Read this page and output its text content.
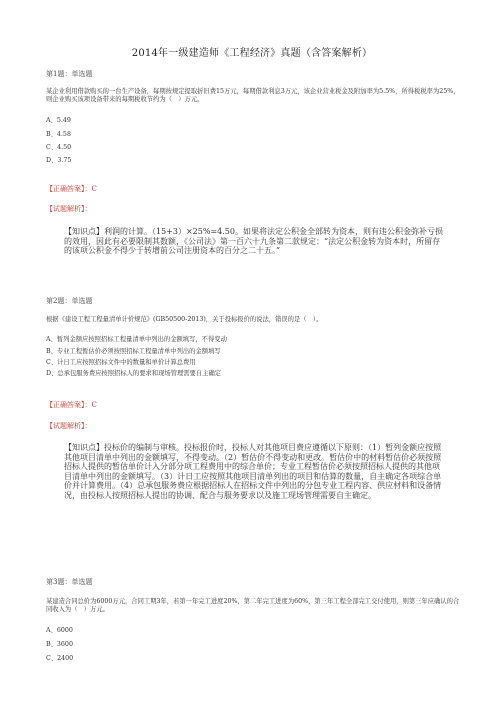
2014年一级建造师《工程经济》真题（含答案解析）
第1题：单选题
某企业利用借款购买的一台生产设备，每期按规定提取折旧费15万元，每期借款利息3万元，该企业营业税金及附加率为5.5%，所得税税率为25%，则企业购买该项设备带来的每期税收节约为（　）万元。
A、5.49
B、4.58
C、4.50
D、3.75
【正确答案】：C
【试题解析】：
【知识点】利润的计算。（15+3）×25%=4.50。如果将法定公积金全部转为资本，则有违公积金弥补亏损的效用，因此有必要限制其数额，《公司法》第一百六十九条第二款规定：“法定公积金转为资本时，所留存的该项公积金不得少于转增前公司注册资本的百分之二十五。”
第2题：单选题
根据《建设工程工程量清单计价规范》(GB50500-2013)，关于投标报价的说法，错误的是（　）。
A、暂列金额应按照招标工程量清单中列出的金额填写，不得变动
B、专业工程暂估价必须按照招标工程量清单中列出的金额填写
C、计日工应按照招标文件中的数量和单价计算总费用
D、总承包服务费应按照招标人的要求和现场管理需要自主确定
【正确答案】：C
【试题解析】：
【知识点】投标价的编制与审核。投标报价时，投标人对其他项目费应遵循以下原则：（1）暂列金额应按照其他项目清单中列出的金额填写，不得变动。（2）暂估价不得变动和更改。暂估价中的材料暂估价必须按照招标人提供的暂估单价计入分部分项工程费用中的综合单价；专业工程暂估价必须按照招标人提供的其他项目清单中列出的金额填写。（3）计日工应按照其他项目清单列出的项目和估算的数量，自主确定各项综合单价并计算费用。（4）总承包服务费应根据招标人在招标文件中列出的分包专业工程内容、供应材料和设备情况，由投标人按照招标人提出的协调、配合与服务要求以及施工现场管理需要自主确定。
第3题：单选题
某建造合同总价为6000万元，合同工期3年，若第一年完工进度20%，第二年完工进度为60%，第三年工程全部完工交付使用，则第三年应确认的合同收入为（　）万元。
A、6000
B、3600
C、2400
